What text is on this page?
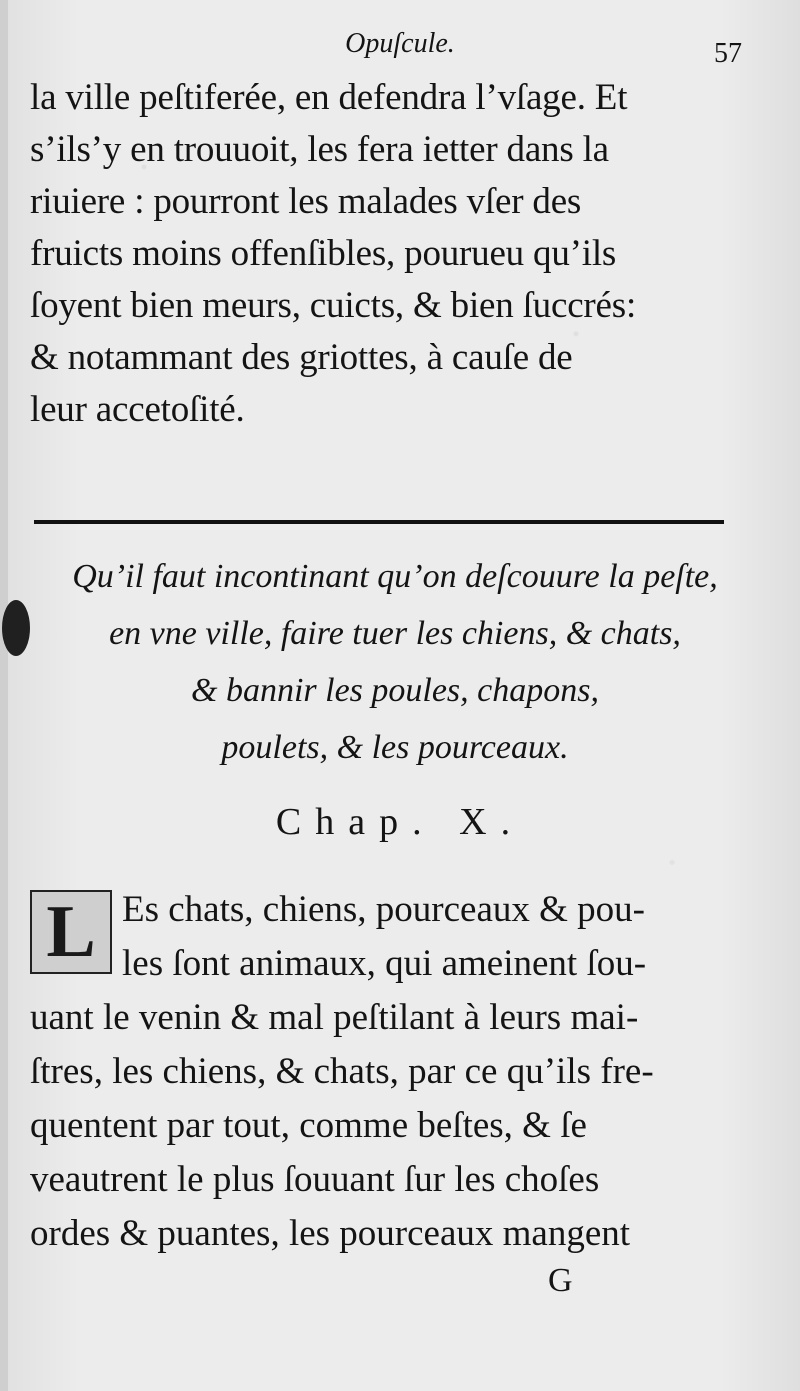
Opuſcule.	57
la ville peſtiferée, en defendra l’vſage. Et
s’ils’y en trouuoit, les fera ietter dans la
riuiere : pourront les malades vſer des
fruicts moins offenſibles, pourueu qu’ils
ſoyent bien meurs, cuicts, & bien ſuccrés:
& notammant des griottes, à cauſe de
leur accetoſité.
Qu’il faut incontinant qu’on deſcouure la peſte,
en vne ville, faire tuer les chiens, & chats,
& bannir les poules, chapons,
poulets, & les pourceaux.
Chap. X.
L Es chats, chiens, pourceaux & pou-
les ſont animaux, qui ameinent ſou-
uant le venin & mal peſtilant à leurs mai-
ſtres, les chiens, & chats, par ce qu’ils fre-
quentent par tout, comme beſtes, & ſe
veautrent le plus ſouuant ſur les choſes
ordes & puantes, les pourceaux mangent
G
